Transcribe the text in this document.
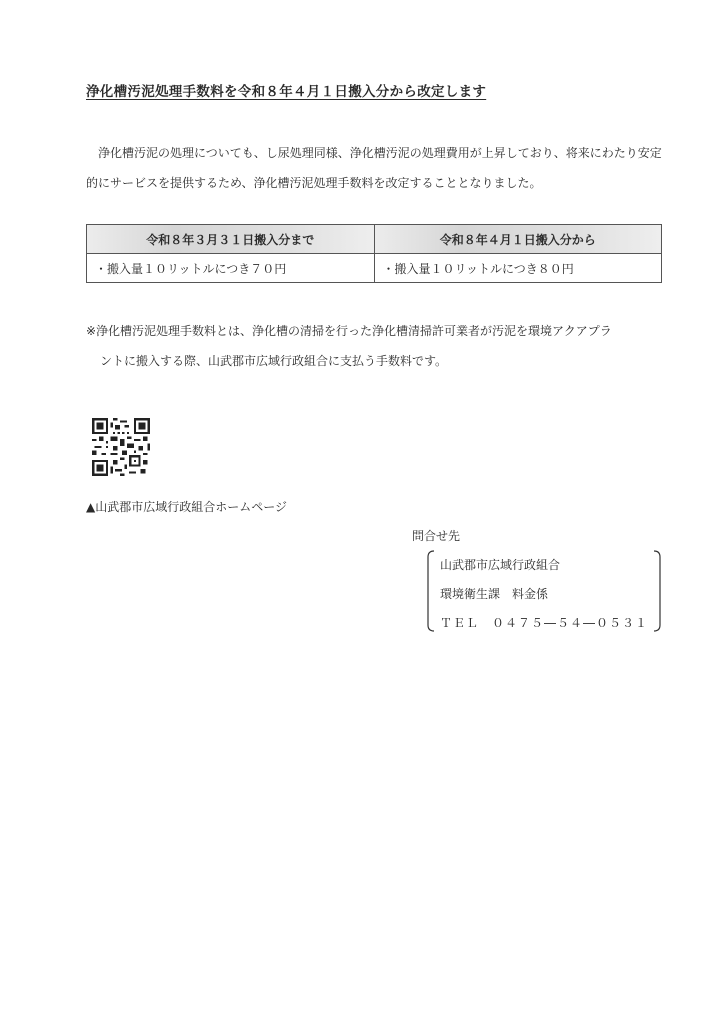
浄化槽汚泥処理手数料を令和８年４月１日搬入分から改定します
浄化槽汚泥の処理についても、し尿処理同様、浄化槽汚泥の処理費用が上昇しており、将来にわたり安定的にサービスを提供するため、浄化槽汚泥処理手数料を改定することとなりました。
令和８年３月３１日搬入分まで	令和８年４月１日搬入分から
・搬入量１０リットルにつき７０円	・搬入量１０リットルにつき８０円
※浄化槽汚泥処理手数料とは、浄化槽の清掃を行った浄化槽清掃許可業者が汚泥を環境アクアプラ
ントに搬入する際、山武郡市広域行政組合に支払う手数料です。
▲山武郡市広域行政組合ホームページ
問合せ先
山武郡市広域行政組合
環境衛生課　料金係
ＴＥＬ　０４７５―５４―０５３１
